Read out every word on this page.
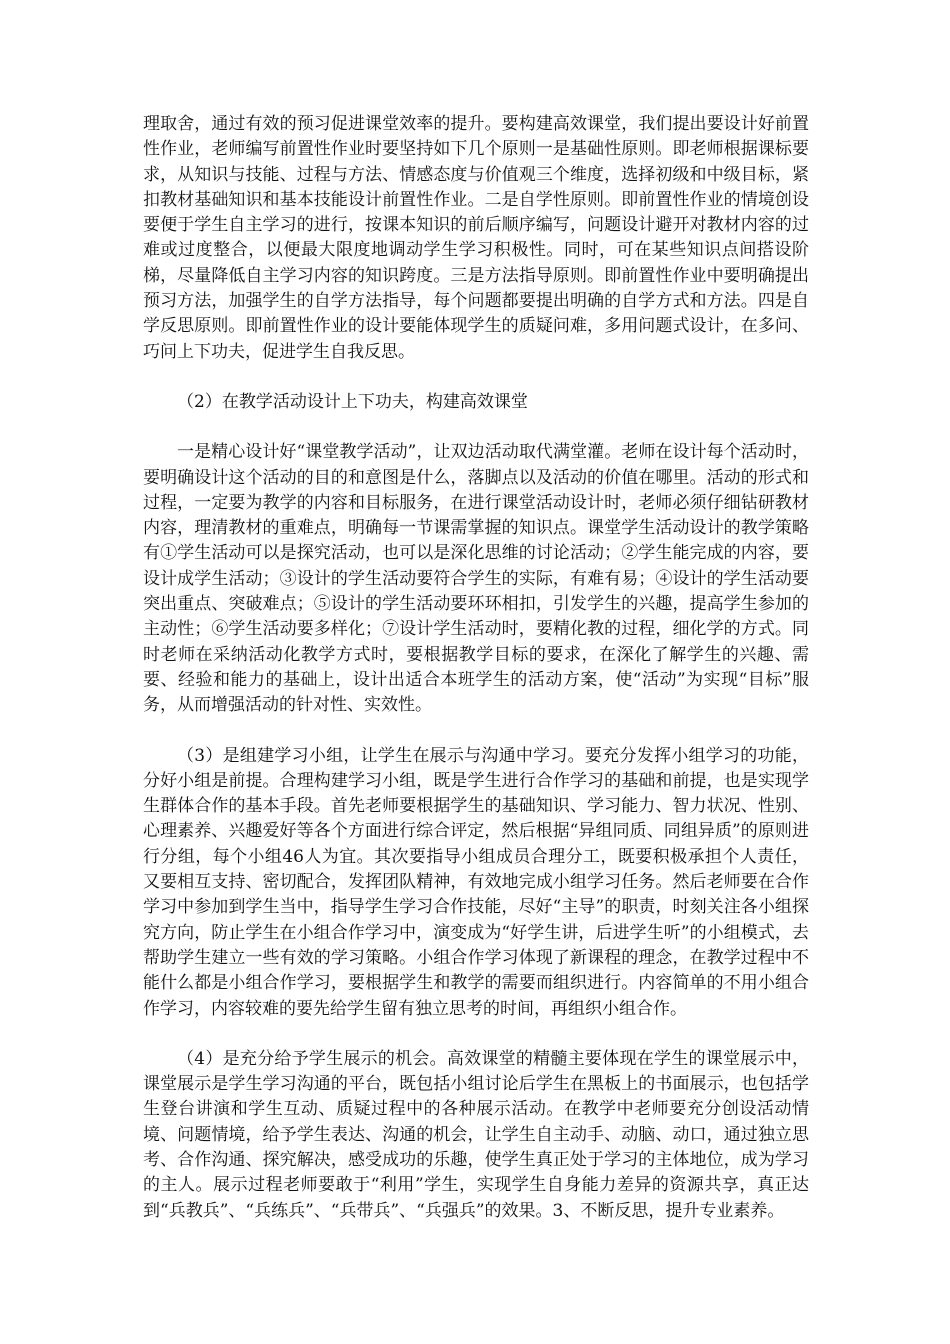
理取舍，通过有效的预习促进课堂效率的提升。要构建高效课堂，我们提出要设计好前置性作业，老师编写前置性作业时要坚持如下几个原则一是基础性原则。即老师根据课标要求，从知识与技能、过程与方法、情感态度与价值观三个维度，选择初级和中级目标，紧扣教材基础知识和基本技能设计前置性作业。二是自学性原则。即前置性作业的情境创设要便于学生自主学习的进行，按课本知识的前后顺序编写，问题设计避开对教材内容的过难或过度整合，以便最大限度地调动学生学习积极性。同时，可在某些知识点间搭设阶梯，尽量降低自主学习内容的知识跨度。三是方法指导原则。即前置性作业中要明确提出预习方法，加强学生的自学方法指导，每个问题都要提出明确的自学方式和方法。四是自学反思原则。即前置性作业的设计要能体现学生的质疑问难，多用问题式设计，在多问、巧问上下功夫，促进学生自我反思。

（2）在教学活动设计上下功夫，构建高效课堂

一是精心设计好“课堂教学活动”，让双边活动取代满堂灌。老师在设计每个活动时，要明确设计这个活动的目的和意图是什么，落脚点以及活动的价值在哪里。活动的形式和过程，一定要为教学的内容和目标服务，在进行课堂活动设计时，老师必须仔细钻研教材内容，理清教材的重难点，明确每一节课需掌握的知识点。课堂学生活动设计的教学策略有①学生活动可以是探究活动，也可以是深化思维的讨论活动；②学生能完成的内容，要设计成学生活动；③设计的学生活动要符合学生的实际，有难有易；④设计的学生活动要突出重点、突破难点；⑤设计的学生活动要环环相扣，引发学生的兴趣，提高学生参加的主动性；⑥学生活动要多样化；⑦设计学生活动时，要精化教的过程，细化学的方式。同时老师在采纳活动化教学方式时，要根据教学目标的要求，在深化了解学生的兴趣、需要、经验和能力的基础上，设计出适合本班学生的活动方案，使“活动”为实现“目标”服务，从而增强活动的针对性、实效性。

（3）是组建学习小组，让学生在展示与沟通中学习。要充分发挥小组学习的功能，分好小组是前提。合理构建学习小组，既是学生进行合作学习的基础和前提，也是实现学生群体合作的基本手段。首先老师要根据学生的基础知识、学习能力、智力状况、性别、心理素养、兴趣爱好等各个方面进行综合评定，然后根据“异组同质、同组异质”的原则进行分组，每个小组46人为宜。其次要指导小组成员合理分工，既要积极承担个人责任，又要相互支持、密切配合，发挥团队精神，有效地完成小组学习任务。然后老师要在合作学习中参加到学生当中，指导学生学习合作技能，尽好“主导”的职责，时刻关注各小组探究方向，防止学生在小组合作学习中，演变成为“好学生讲，后进学生听”的小组模式，去帮助学生建立一些有效的学习策略。小组合作学习体现了新课程的理念，在教学过程中不能什么都是小组合作学习，要根据学生和教学的需要而组织进行。内容简单的不用小组合作学习，内容较难的要先给学生留有独立思考的时间，再组织小组合作。

（4）是充分给予学生展示的机会。高效课堂的精髓主要体现在学生的课堂展示中，课堂展示是学生学习沟通的平台，既包括小组讨论后学生在黑板上的书面展示，也包括学生登台讲演和学生互动、质疑过程中的各种展示活动。在教学中老师要充分创设活动情境、问题情境，给予学生表达、沟通的机会，让学生自主动手、动脑、动口，通过独立思考、合作沟通、探究解决，感受成功的乐趣，使学生真正处于学习的主体地位，成为学习的主人。展示过程老师要敢于“利用”学生，实现学生自身能力差异的资源共享，真正达到“兵教兵”、“兵练兵”、“兵带兵”、“兵强兵”的效果。3、不断反思，提升专业素养。
